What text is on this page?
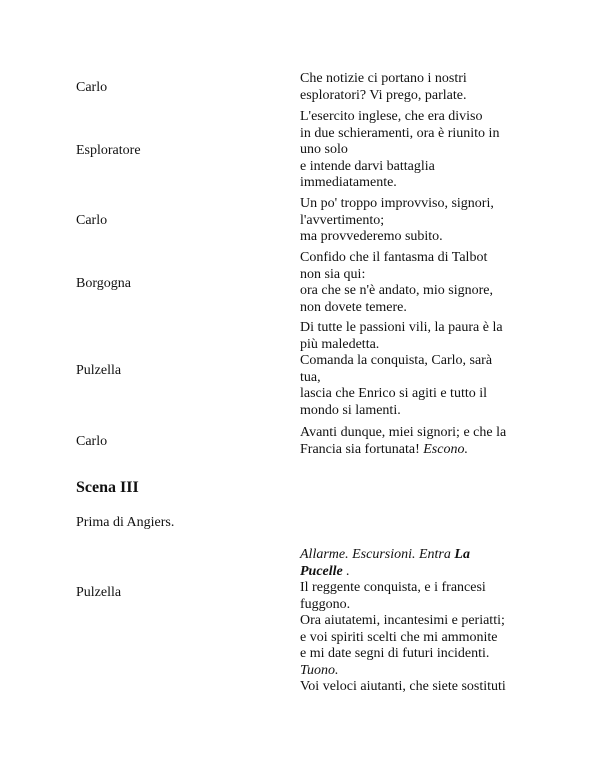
Carlo
Che notizie ci portano i nostri
esploratori? Vi prego, parlate.
Esploratore
L'esercito inglese, che era diviso
in due schieramenti, ora è riunito in
uno solo
e intende darvi battaglia
immediatamente.
Carlo
Un po' troppo improvviso, signori,
l'avvertimento;
ma provvederemo subito.
Borgogna
Confido che il fantasma di Talbot
non sia qui:
ora che se n'è andato, mio signore,
non dovete temere.
Pulzella
Di tutte le passioni vili, la paura è la
più maledetta.
Comanda la conquista, Carlo, sarà
tua,
lascia che Enrico si agiti e tutto il
mondo si lamenti.
Carlo
Avanti dunque, miei signori; e che la
Francia sia fortunata! Escono.
Scena III
Prima di Angiers.
Pulzella
Allarme. Escursioni. Entra La
Pucelle .
Il reggente conquista, e i francesi
fuggono.
Ora aiutatemi, incantesimi e periatti;
e voi spiriti scelti che mi ammonite
e mi date segni di futuri incidenti.
Tuono.
Voi veloci aiutanti, che siete sostituti
